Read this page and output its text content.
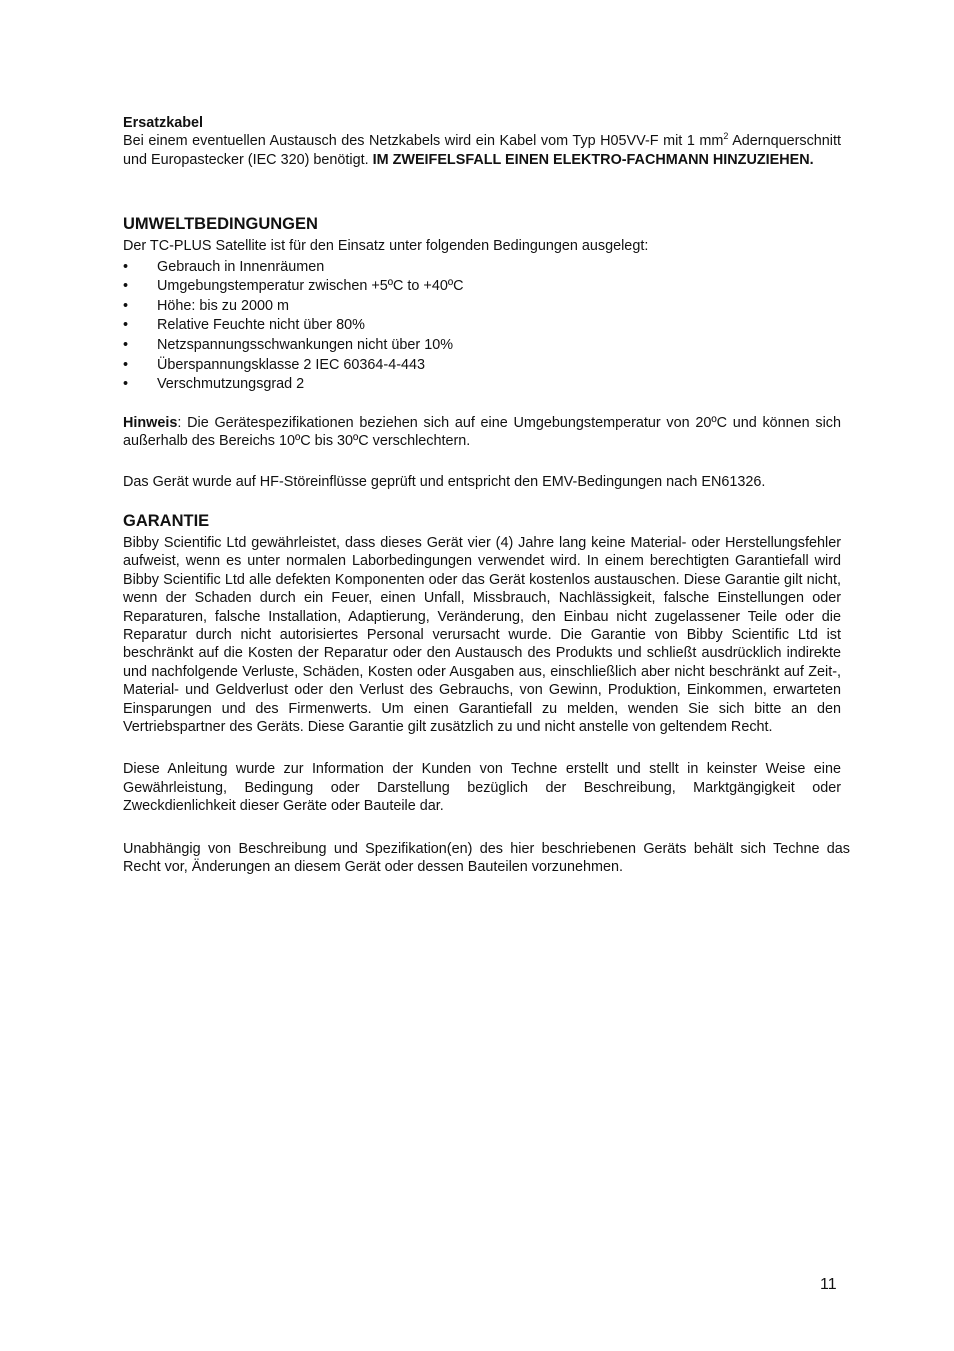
Ersatzkabel

Bei einem eventuellen Austausch des Netzkabels wird ein Kabel vom Typ H05VV-F mit 1 $mm^2$ Adernquerschnitt und Europastecker (IEC 320) benötigt. IM ZWEIFELSFALL EINEN ELEKTRO-FACHMANN HINZUZIEHEN.

UMWELTBEDINGUNGEN

Der TC-PLUS Satellite ist für den Einsatz unter folgenden Bedingungen ausgelegt:

• Gebrauch in Innenräumen
• Umgebungstemperatur zwischen +5ºC to +40ºC
• Höhe: bis zu 2000 m
• Relative Feuchte nicht über 80%
• Netzspannungsschwankungen nicht über 10%
• Überspannungsklasse 2 IEC 60364-4-443
• Verschmutzungsgrad 2

Hinweis: Die Gerätespezifikationen beziehen sich auf eine Umgebungstemperatur von 20ºC und können sich außerhalb des Bereichs 10ºC bis 30ºC verschlechtern.

Das Gerät wurde auf HF-Störeinflüsse geprüft und entspricht den EMV-Bedingungen nach EN61326.

GARANTIE

Bibby Scientific Ltd gewährleistet, dass dieses Gerät vier (4) Jahre lang keine Material- oder Herstellungsfehler aufweist, wenn es unter normalen Laborbedingungen verwendet wird. In einem berechtigten Garantiefall wird Bibby Scientific Ltd alle defekten Komponenten oder das Gerät kostenlos austauschen. Diese Garantie gilt nicht, wenn der Schaden durch ein Feuer, einen Unfall, Missbrauch, Nachlässigkeit, falsche Einstellungen oder Reparaturen, falsche Installation, Adaptierung, Veränderung, den Einbau nicht zugelassener Teile oder die Reparatur durch nicht autorisiertes Personal verursacht wurde. Die Garantie von Bibby Scientific Ltd ist beschränkt auf die Kosten der Reparatur oder den Austausch des Produkts und schließt ausdrücklich indirekte und nachfolgende Verluste, Schäden, Kosten oder Ausgaben aus, einschließlich aber nicht beschränkt auf Zeit-, Material- und Geldverlust oder den Verlust des Gebrauchs, von Gewinn, Produktion, Einkommen, erwarteten Einsparungen und des Firmenwerts. Um einen Garantiefall zu melden, wenden Sie sich bitte an den Vertriebspartner des Geräts. Diese Garantie gilt zusätzlich zu und nicht anstelle von geltendem Recht.

Diese Anleitung wurde zur Information der Kunden von Techne erstellt und stellt in keinster Weise eine Gewährleistung, Bedingung oder Darstellung bezüglich der Beschreibung, Marktgängigkeit oder Zweckdienlichkeit dieser Geräte oder Bauteile dar.

Unabhängig von Beschreibung und Spezifikation(en) des hier beschriebenen Geräts behält sich Techne das Recht vor, Änderungen an diesem Gerät oder dessen Bauteilen vorzunehmen.

11
